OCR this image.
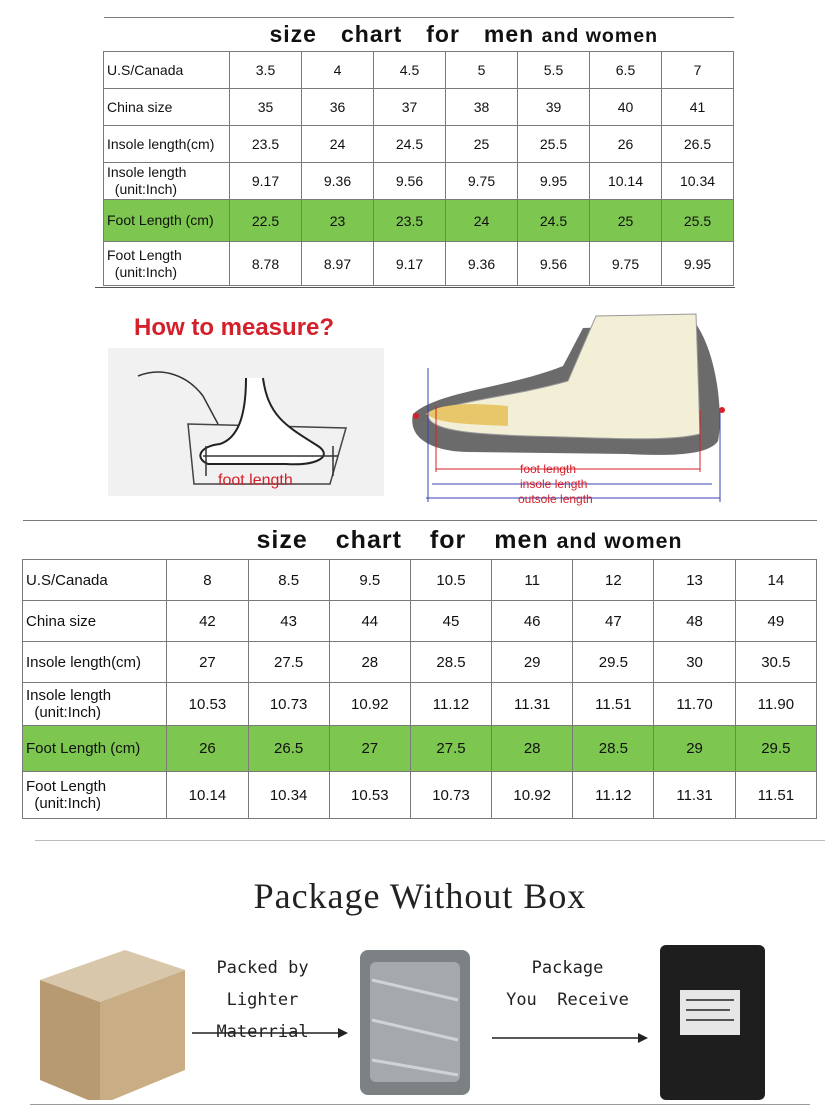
size chart for men and women							
U.S/Canada	3.5	4	4.5	5	5.5	6.5	7
China size	35	36	37	38	39	40	41
Insole length(cm)	23.5	24	24.5	25	25.5	26	26.5
Insole length
(unit:Inch)	9.17	9.36	9.56	9.75	9.95	10.14	10.34
Foot Length (cm)	22.5	23	23.5	24	24.5	25	25.5
Foot Length
(unit:Inch)	8.78	8.97	9.17	9.36	9.56	9.75	9.95
How to measure?
foot length
foot length
insole length
outsole length
size chart for men and women								
U.S/Canada	8	8.5	9.5	10.5	11	12	13	14
China size	42	43	44	45	46	47	48	49
Insole length(cm)	27	27.5	28	28.5	29	29.5	30	30.5
Insole length
(unit:Inch)	10.53	10.73	10.92	11.12	11.31	11.51	11.70	11.90
Foot Length (cm)	26	26.5	27	27.5	28	28.5	29	29.5
Foot Length
(unit:Inch)	10.14	10.34	10.53	10.73	10.92	11.12	11.31	11.51
Package Without Box
Packed by
Lighter Materrial
Package
You  Receive
